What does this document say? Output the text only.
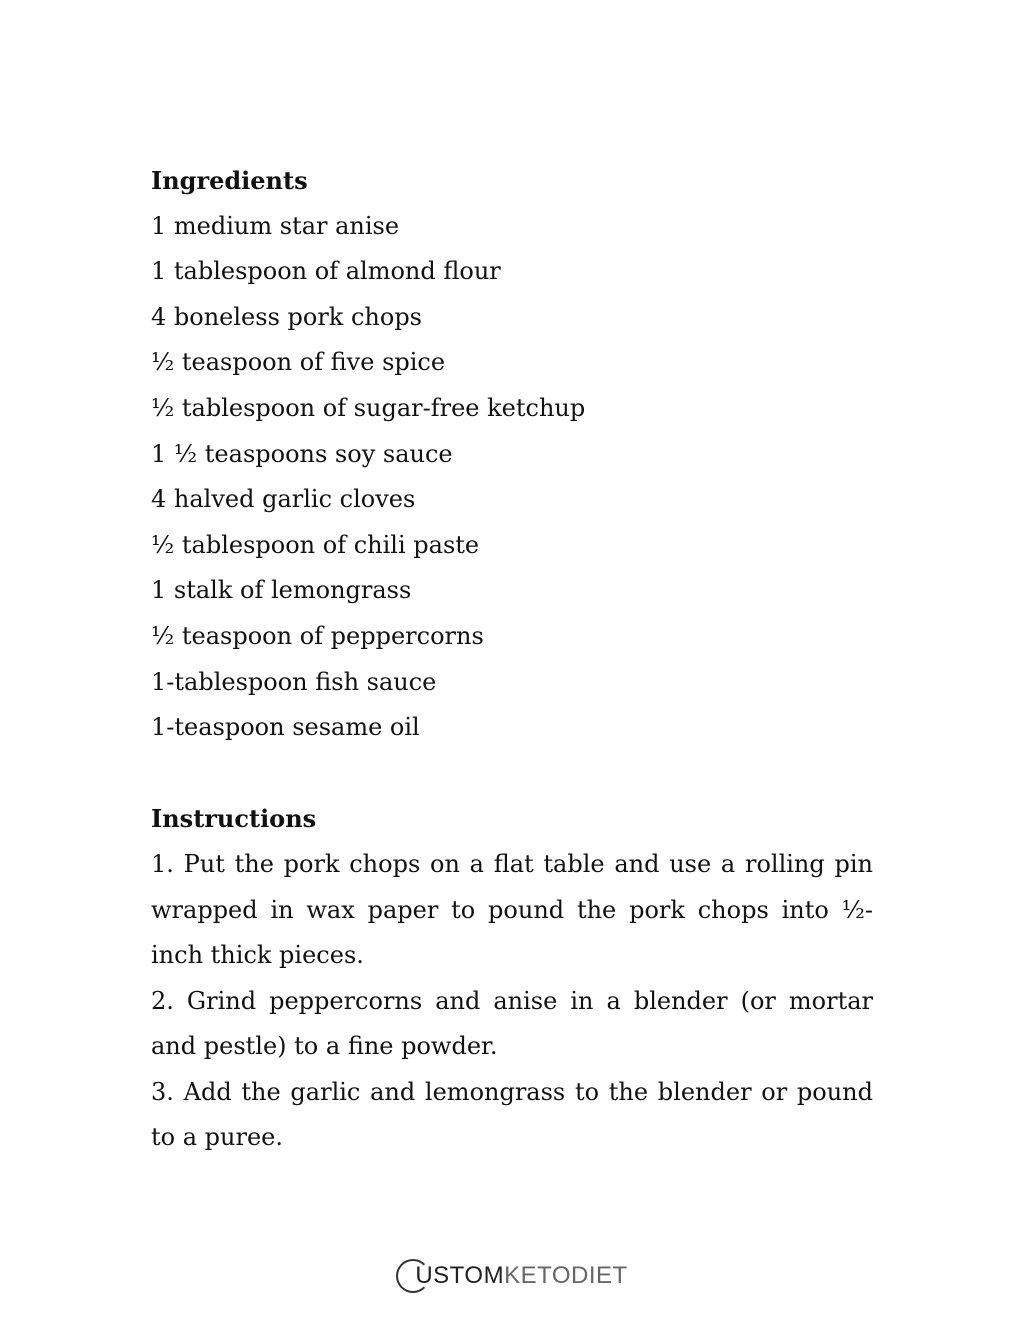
Ingredients
1 medium star anise
1 tablespoon of almond flour
4 boneless pork chops
½ teaspoon of five spice
½ tablespoon of sugar-free ketchup
1 ½ teaspoons soy sauce
4 halved garlic cloves
½ tablespoon of chili paste
1 stalk of lemongrass
½ teaspoon of peppercorns
1-tablespoon fish sauce
1-teaspoon sesame oil
Instructions
1. Put the pork chops on a flat table and use a rolling pin wrapped in wax paper to pound the pork chops into ½-inch thick pieces.
2. Grind peppercorns and anise in a blender (or mortar and pestle) to a fine powder.
3. Add the garlic and lemongrass to the blender or pound to a puree.
USTOM KETODIET
